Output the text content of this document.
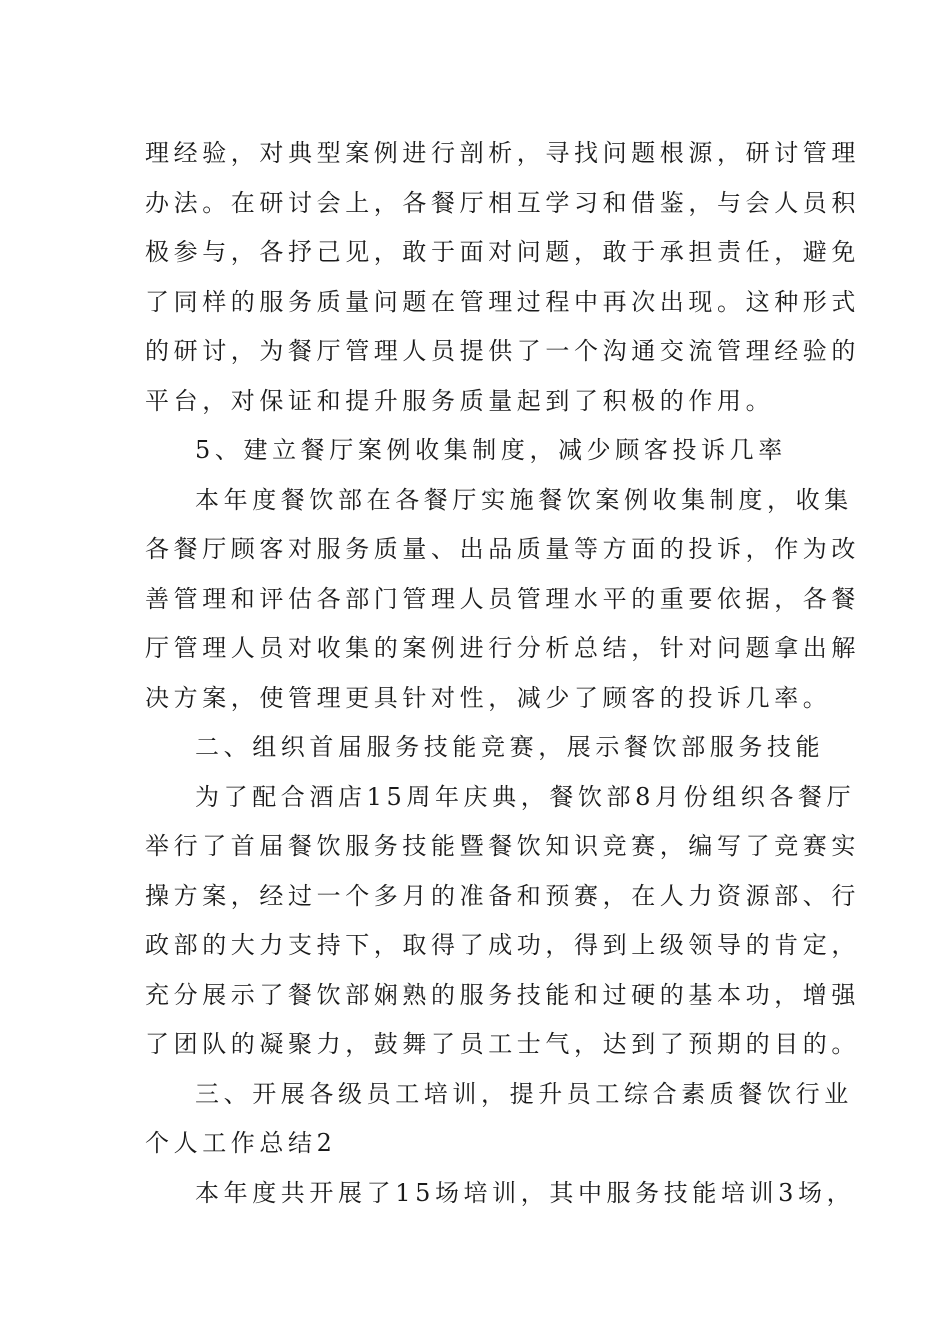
理经验，对典型案例进行剖析，寻找问题根源，研讨管理
办法。在研讨会上，各餐厅相互学习和借鉴，与会人员积
极参与，各抒己见，敢于面对问题，敢于承担责任，避免
了同样的服务质量问题在管理过程中再次出现。这种形式
的研讨，为餐厅管理人员提供了一个沟通交流管理经验的
平台，对保证和提升服务质量起到了积极的作用。
5、建立餐厅案例收集制度，减少顾客投诉几率
本年度餐饮部在各餐厅实施餐饮案例收集制度，收集
各餐厅顾客对服务质量、出品质量等方面的投诉，作为改
善管理和评估各部门管理人员管理水平的重要依据，各餐
厅管理人员对收集的案例进行分析总结，针对问题拿出解
决方案，使管理更具针对性，减少了顾客的投诉几率。
二、组织首届服务技能竞赛，展示餐饮部服务技能
为了配合酒店15周年庆典，餐饮部8月份组织各餐厅
举行了首届餐饮服务技能暨餐饮知识竞赛，编写了竞赛实
操方案，经过一个多月的准备和预赛，在人力资源部、行
政部的大力支持下，取得了成功，得到上级领导的肯定，
充分展示了餐饮部娴熟的服务技能和过硬的基本功，增强
了团队的凝聚力，鼓舞了员工士气，达到了预期的目的。
三、开展各级员工培训，提升员工综合素质餐饮行业
个人工作总结2
本年度共开展了15场培训，其中服务技能培训3场，
